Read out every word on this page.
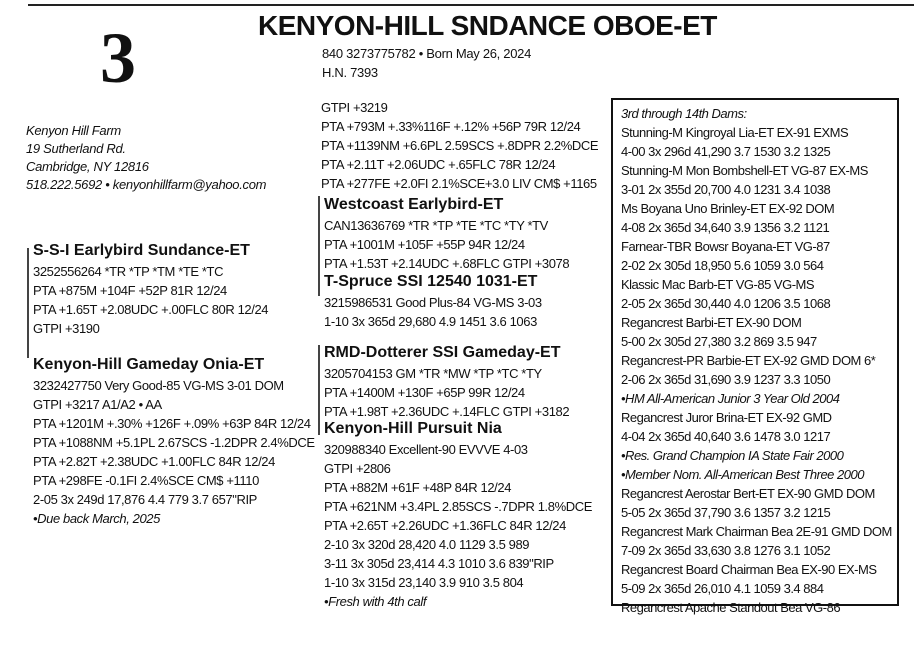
3	KENYON-HILL SNDANCE OBOE-ET
840 3273775782 • Born May 26, 2024
H.N. 7393
Kenyon Hill Farm
19 Sutherland Rd.
Cambridge, NY 12816
518.222.5692 • kenyonhillfarm@yahoo.com
GTPI +3219
PTA +793M +.33%116F +.12% +56P 79R 12/24
PTA +1139NM +6.6PL 2.59SCS +.8DPR 2.2%DCE
PTA +2.11T +2.06UDC +.65FLC 78R 12/24
PTA +277FE +2.0FI 2.1%SCE+3.0 LIV CM$ +1165
S-S-I Earlybird Sundance-ET
3252556264 *TR *TP *TM *TE *TC
PTA +875M +104F +52P 81R 12/24
PTA +1.65T +2.08UDC +.00FLC 80R 12/24
GTPI +3190
Kenyon-Hill Gameday Onia-ET
3232427750 Very Good-85 VG-MS 3-01 DOM
GTPI +3217 A1/A2 • AA
PTA +1201M +.30% +126F +.09% +63P 84R 12/24
PTA +1088NM +5.1PL 2.67SCS -1.2DPR 2.4%DCE
PTA +2.82T +2.38UDC +1.00FLC 84R 12/24
PTA +298FE -0.1FI 2.4%SCE CM$ +1110
2-05 3x 249d 17,876 4.4 779 3.7 657"RIP
•Due back March, 2025
Westcoast Earlybird-ET
CAN13636769 *TR *TP *TE *TC *TY *TV
PTA +1001M +105F +55P 94R 12/24
PTA +1.53T +2.14UDC +.68FLC GTPI +3078
T-Spruce SSI 12540 1031-ET
3215986531 Good Plus-84 VG-MS 3-03
1-10 3x 365d 29,680 4.9 1451 3.6 1063
RMD-Dotterer SSI Gameday-ET
3205704153 GM *TR *MW *TP *TC *TY
PTA +1400M +130F +65P 99R 12/24
PTA +1.98T +2.36UDC +.14FLC GTPI +3182
Kenyon-Hill Pursuit Nia
320988340 Excellent-90 EVVVE 4-03
GTPI +2806
PTA +882M +61F +48P 84R 12/24
PTA +621NM +3.4PL 2.85SCS -.7DPR 1.8%DCE
PTA +2.65T +2.26UDC +1.36FLC 84R 12/24
2-10 3x 320d 28,420 4.0 1129 3.5 989
3-11 3x 305d 23,414 4.3 1010 3.6 839"RIP
1-10 3x 315d 23,140 3.9 910 3.5 804
•Fresh with 4th calf
3rd through 14th Dams:
Stunning-M Kingroyal Lia-ET EX-91 EXMS
4-00 3x 296d 41,290 3.7 1530 3.2 1325
Stunning-M Mon Bombshell-ET VG-87 EX-MS
3-01 2x 355d 20,700 4.0 1231 3.4 1038
Ms Boyana Uno Brinley-ET EX-92 DOM
4-08 2x 365d 34,640 3.9 1356 3.2 1121
Farnear-TBR Bowsr Boyana-ET VG-87
2-02 2x 305d 18,950 5.6 1059 3.0 564
Klassic Mac Barb-ET VG-85 VG-MS
2-05 2x 365d 30,440 4.0 1206 3.5 1068
Regancrest Barbi-ET EX-90 DOM
5-00 2x 305d 27,380 3.2 869 3.5 947
Regancrest-PR Barbie-ET EX-92 GMD DOM 6*
2-06 2x 365d 31,690 3.9 1237 3.3 1050
•HM All-American Junior 3 Year Old 2004
Regancrest Juror Brina-ET EX-92 GMD
4-04 2x 365d 40,640 3.6 1478 3.0 1217
•Res. Grand Champion IA State Fair 2000
•Member Nom. All-American Best Three 2000
Regancrest Aerostar Bert-ET EX-90 GMD DOM
5-05 2x 365d 37,790 3.6 1357 3.2 1215
Regancrest Mark Chairman Bea 2E-91 GMD DOM
7-09 2x 365d 33,630 3.8 1276 3.1 1052
Regancrest Board Chairman Bea EX-90 EX-MS
5-09 2x 365d 26,010 4.1 1059 3.4 884
Regancrest Apache Standout Bea VG-86
